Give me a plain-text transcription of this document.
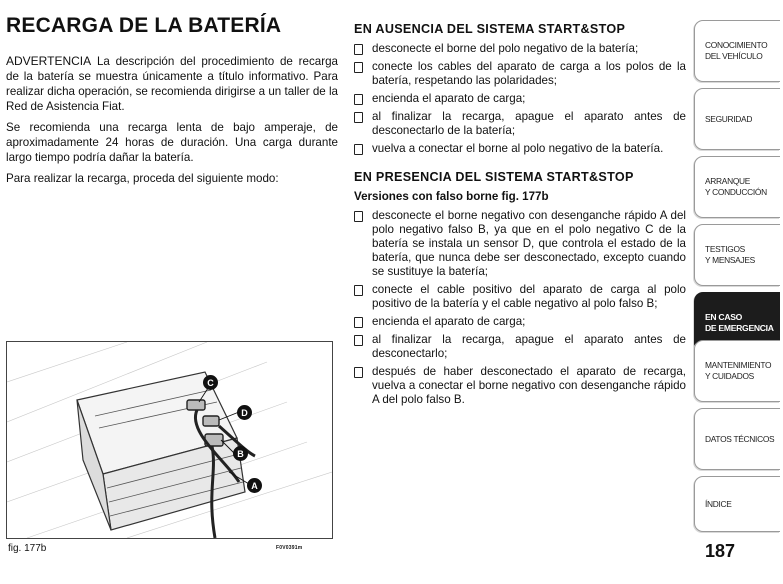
RECARGA DE LA BATERÍA

ADVERTENCIA La descripción del procedimiento de recarga de la batería se muestra únicamente a título informativo. Para realizar dicha operación, se recomienda dirigirse a un taller de la Red de Asistencia Fiat.

Se recomienda una recarga lenta de bajo amperaje, de aproximadamente 24 horas de duración. Una carga durante largo tiempo podría dañar la batería.

Para realizar la recarga, proceda del siguiente modo:

C
D
B
A
fig. 177b	F0V0391m
EN AUSENCIA DEL SISTEMA START&STOP
desconecte el borne del polo negativo de la batería;
conecte los cables del aparato de carga a los polos de la batería, respetando las polaridades;
encienda el aparato de carga;
al finalizar la recarga, apague el aparato antes de desconectarlo de la batería;
vuelva a conectar el borne al polo negativo de la batería.
EN PRESENCIA DEL SISTEMA START&STOP
Versiones con falso borne fig. 177b
desconecte el borne negativo con desenganche rápido A del polo negativo falso B, ya que en el polo negativo C de la batería se instala un sensor D, que controla el estado de la batería, que nunca debe ser desconectado, excepto cuando se sustituye la batería;
conecte el cable positivo del aparato de carga al polo positivo de la batería y el cable negativo al polo falso B;
encienda el aparato de carga;
al finalizar la recarga, apague el aparato antes de desconectarlo;
después de haber desconectado el aparato de recarga, vuelva a conectar el borne negativo con desenganche rápido A del polo falso B.
CONOCIMIENTO
DEL VEHÍCULO
SEGURIDAD
ARRANQUE
Y CONDUCCIÓN
TESTIGOS
Y MENSAJES
EN CASO
DE EMERGENCIA
MANTENIMIENTO
Y CUIDADOS
DATOS TÉCNICOS
ÍNDICE
187
